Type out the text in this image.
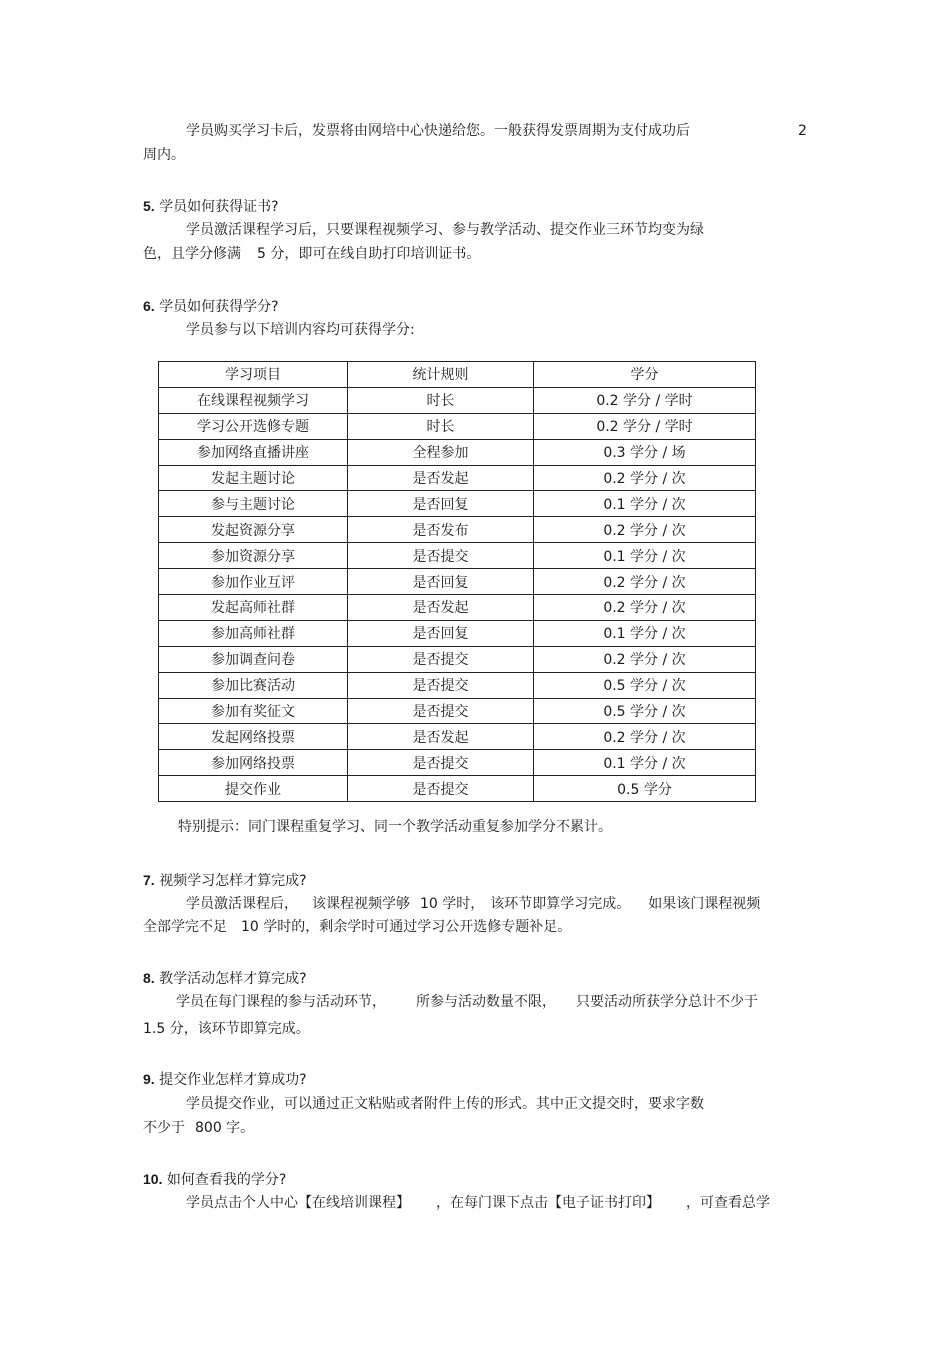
学员购买学习卡后，发票将由网培中心快递给您。一般获得发票周期为支付成功后	2
周内。
5. 学员如何获得证书?
学员激活课程学习后，只要课程视频学习、参与教学活动、提交作业三环节均变为绿
色，且学分修满 5 分，即可在线自助打印培训证书。
6. 学员如何获得学分?
学员参与以下培训内容均可获得学分:
学习项目	统计规则	学分
在线课程视频学习	时长	0.2 学分 / 学时
学习公开选修专题	时长	0.2 学分 / 学时
参加网络直播讲座	全程参加	0.3 学分 / 场
发起主题讨论	是否发起	0.2 学分 / 次
参与主题讨论	是否回复	0.1 学分 / 次
发起资源分享	是否发布	0.2 学分 / 次
参加资源分享	是否提交	0.1 学分 / 次
参加作业互评	是否回复	0.2 学分 / 次
发起高师社群	是否发起	0.2 学分 / 次
参加高师社群	是否回复	0.1 学分 / 次
参加调查问卷	是否提交	0.2 学分 / 次
参加比赛活动	是否提交	0.5 学分 / 次
参加有奖征文	是否提交	0.5 学分 / 次
发起网络投票	是否发起	0.2 学分 / 次
参加网络投票	是否提交	0.1 学分 / 次
提交作业	是否提交	0.5 学分
特别提示：同门课程重复学习、同一个教学活动重复参加学分不累计。
7. 视频学习怎样才算完成?
学员激活课程后， 该课程视频学够 10 学时， 该环节即算学习完成。 如果该门课程视频
全部学完不足 10 学时的，剩余学时可通过学习公开选修专题补足。
8. 教学活动怎样才算完成?
学员在每门课程的参与活动环节， 所参与活动数量不限， 只要活动所获学分总计不少于
1.5 分，该环节即算完成。
9. 提交作业怎样才算成功?
学员提交作业，可以通过正文粘贴或者附件上传的形式。其中正文提交时，要求字数
不少于 800 字。
10. 如何查看我的学分?
学员点击个人中心【在线培训课程】 ，在每门课下点击【电子证书打印】 ，可查看总学
